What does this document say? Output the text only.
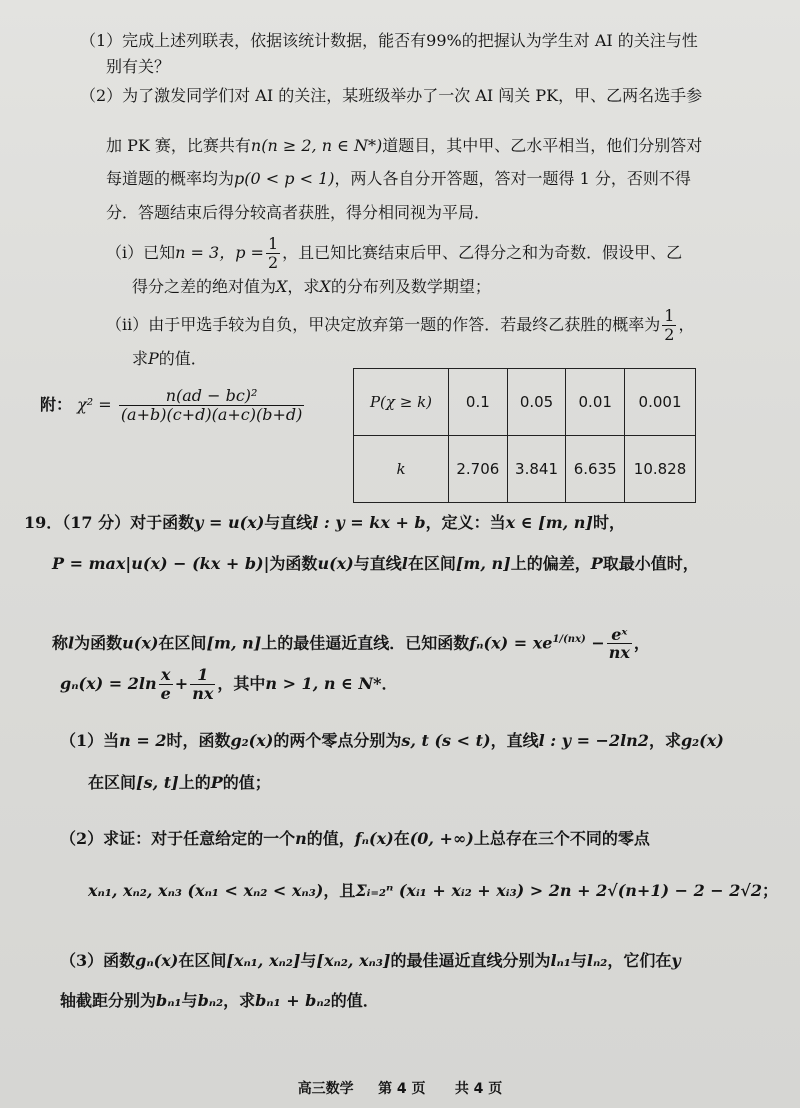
（1）完成上述列联表，依据该统计数据，能否有99%的把握认为学生对 AI 的关注与性
别有关？
（2）为了激发同学们对 AI 的关注，某班级举办了一次 AI 闯关 PK，甲、乙两名选手参
加 PK 赛，比赛共有n(n ≥ 2, n ∈ N*)道题目，其中甲、乙水平相当，他们分别答对
每道题的概率均为p(0 < p < 1)，两人各自分开答题，答对一题得 1 分，否则不得
分．答题结束后得分较高者获胜，得分相同视为平局．
（ⅰ）已知n = 3，$p = \frac{1}{2}$ ，且已知比赛结束后甲、乙得分之和为奇数．假设甲、乙
得分之差的绝对值为X，求X的分布列及数学期望；
（ⅱ）由于甲选手较为自负，甲决定放弃第一题的作答．若最终乙获胜的概率为 $\frac{1}{2}$ ，
求P的值．
附： $\chi^2 = \frac{\text{n(ad − bc)²}}{(a+b)(c+d)(a+c)(b+d)}$	P(χ ≥ k)	0.1	0.05	0.01	0.001
k	2.706	3.841	6.635	10.828
19．（17 分）对于函数y = u(x)与直线l : y = kx + b，定义：当x ∈ [m, n]时，
P = max|u(x) − (kx + b)|为函数u(x)与直线l在区间[m, n]上的偏差，P取最小值时，
称l为函数u(x)在区间[m, n]上的最佳逼近直线．已知函数$f_n(x) = xe^{1/(nx)} - \frac{\text{eˣ}}{nx}$ ，
$g_n(x) = 2\ln \frac{x}{e} + \frac{1}{nx}$ ，其中n > 1, n ∈ N*．
（1）当n = 2时，函数g₂(x)的两个零点分别为s, t (s < t)，直线l : y = −2ln2，求g₂(x)
在区间[s, t]上的P的值；
（2）求证：对于任意给定的一个n的值，fₙ(x)在(0, +∞)上总存在三个不同的零点
xₙ₁, xₙ₂, xₙ₃ (xₙ₁ < xₙ₂ < xₙ₃)，且Σᵢ₌₂ⁿ (xᵢ₁ + xᵢ₂ + xᵢ₃) > 2n + 2√(n+1) − 2 − 2√2；
（3）函数gₙ(x)在区间[xₙ₁, xₙ₂]与[xₙ₂, xₙ₃]的最佳逼近直线分别为lₙ₁与lₙ₂，它们在y
轴截距分别为bₙ₁与bₙ₂，求bₙ₁ + bₙ₂的值．
高三数学 第 4 页 共 4 页
